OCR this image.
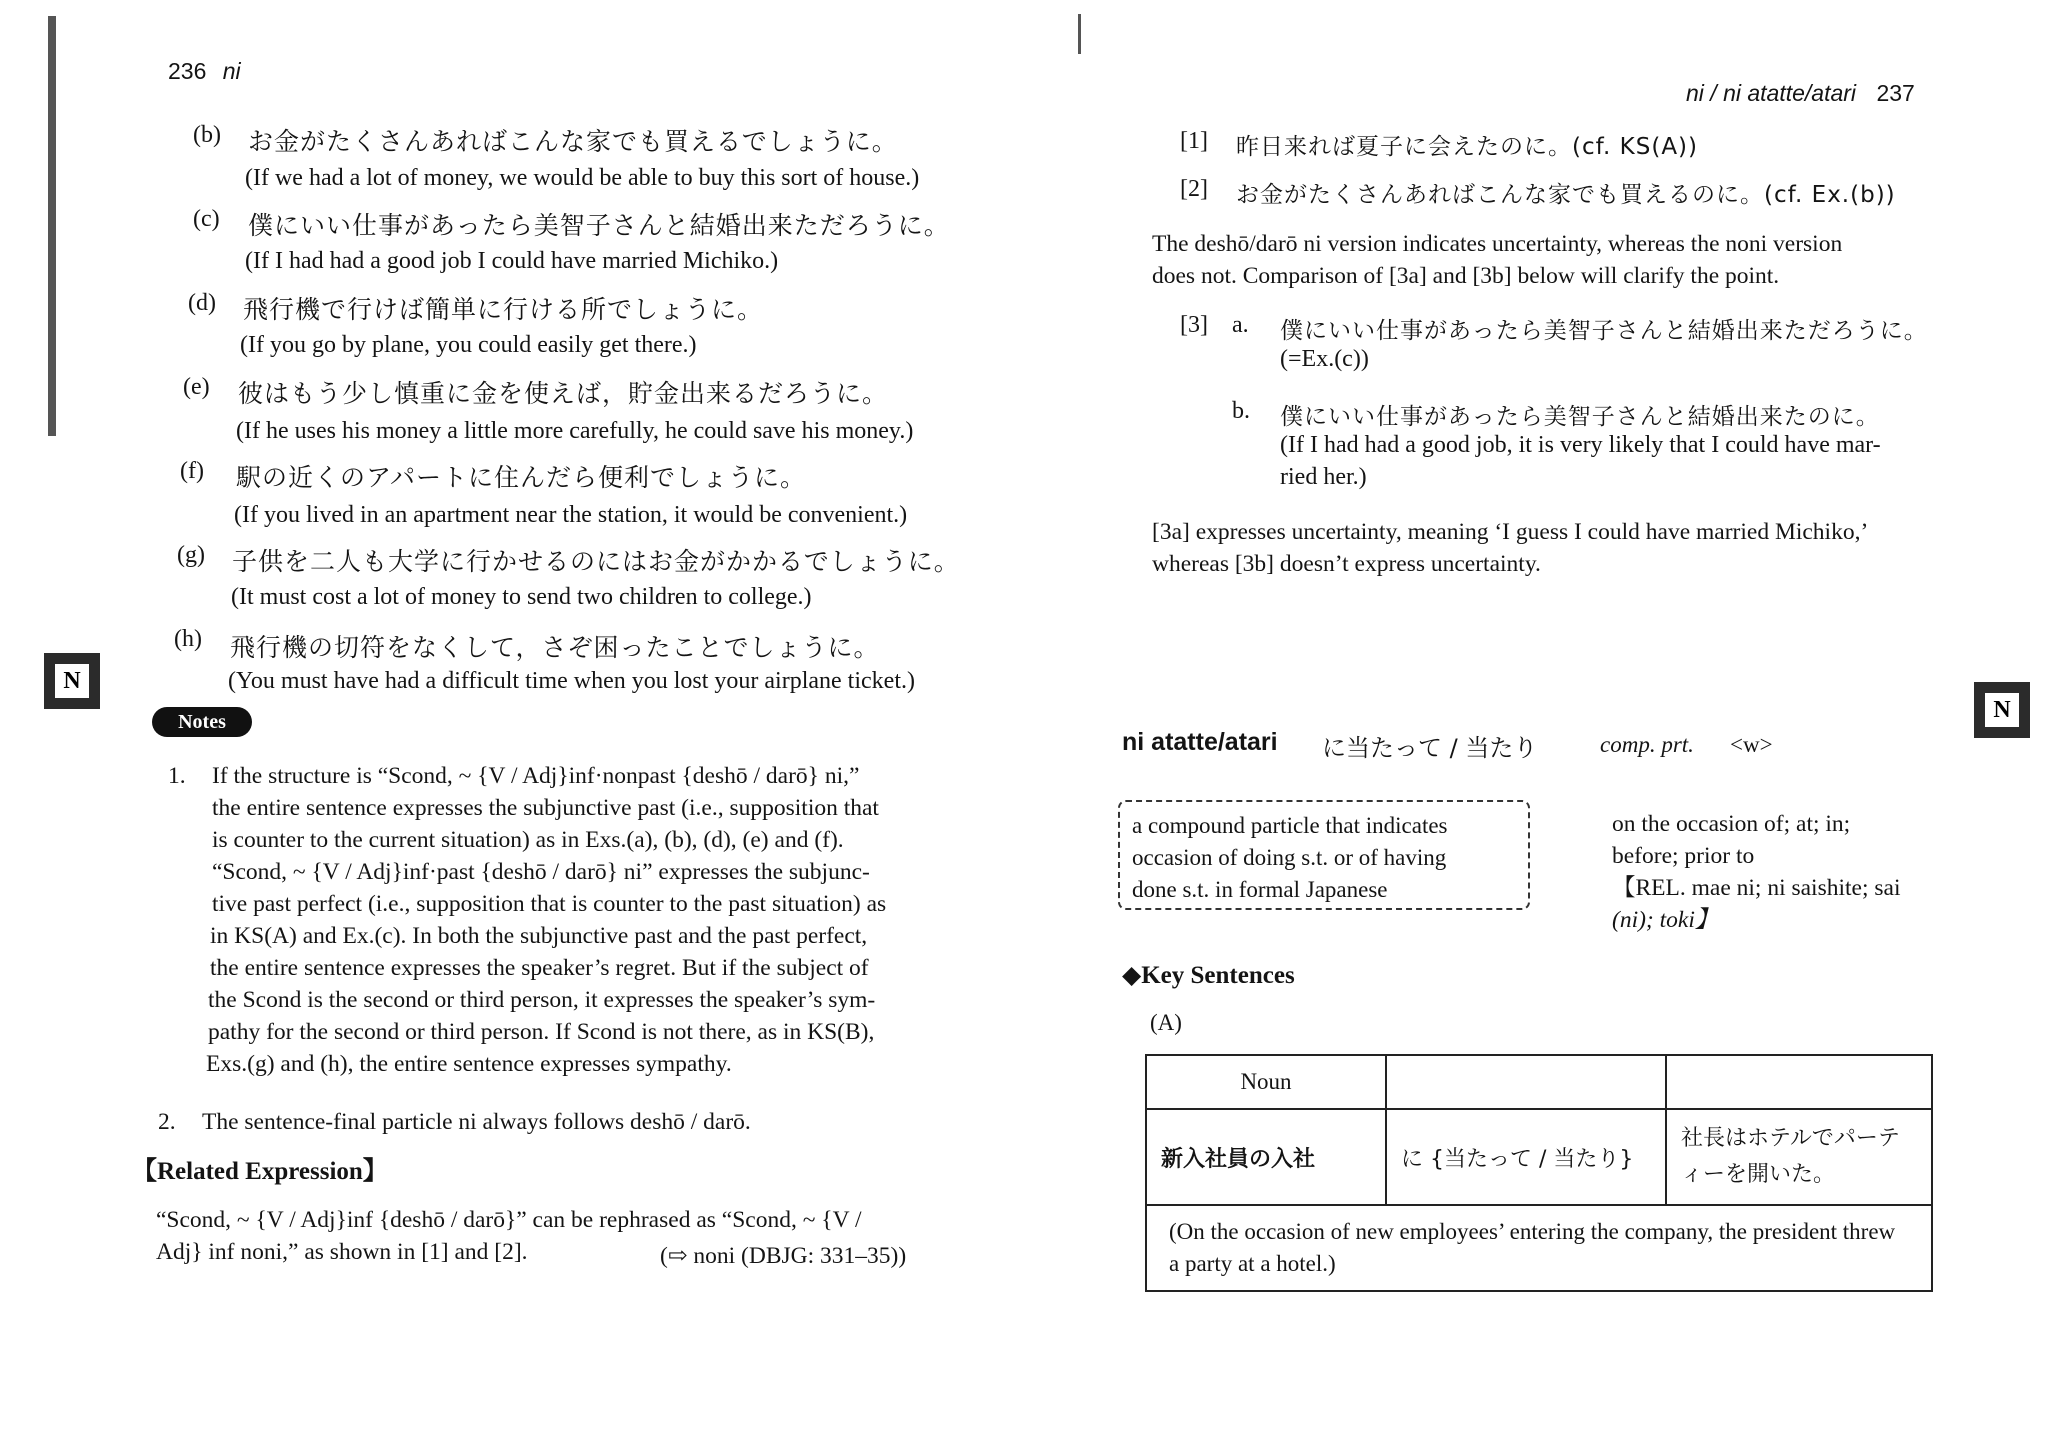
236 ni
(b) お金がたくさんあればこんな家でも買えるでしょうに。
(If we had a lot of money, we would be able to buy this sort of house.)
(c) 僕にいい仕事があったら美智子さんと結婚出来ただろうに。
(If I had had a good job I could have married Michiko.)
(d) 飛行機で行けば簡単に行ける所でしょうに。
(If you go by plane, you could easily get there.)
(e) 彼はもう少し慎重に金を使えば，貯金出来るだろうに。
(If he uses his money a little more carefully, he could save his money.)
(f) 駅の近くのアパートに住んだら便利でしょうに。
(If you lived in an apartment near the station, it would be convenient.)
(g) 子供を二人も大学に行かせるのにはお金がかかるでしょうに。
(It must cost a lot of money to send two children to college.)
(h) 飛行機の切符をなくして，さぞ困ったことでしょうに。
(You must have had a difficult time when you lost your airplane ticket.)
N
Notes
1. If the structure is “Scond, ~ {V / Adj}inf·nonpast {deshō / darō} ni,”
the entire sentence expresses the subjunctive past (i.e., supposition that
is counter to the current situation) as in Exs.(a), (b), (d), (e) and (f).
“Scond, ~ {V / Adj}inf·past {deshō / darō} ni” expresses the subjunc-
tive past perfect (i.e., supposition that is counter to the past situation) as
in KS(A) and Ex.(c). In both the subjunctive past and the past perfect,
the entire sentence expresses the speaker’s regret. But if the subject of
the Scond is the second or third person, it expresses the speaker’s sym-
pathy for the second or third person. If Scond is not there, as in KS(B),
Exs.(g) and (h), the entire sentence expresses sympathy.
2. The sentence-final particle ni always follows deshō / darō.
【Related Expression】
“Scond, ~ {V / Adj}inf {deshō / darō}” can be rephrased as “Scond, ~ {V /
Adj} inf noni,” as shown in [1] and [2].	(⇨ noni (DBJG: 331–35))
ni / ni atatte/atari 237
[1] 昨日来れば夏子に会えたのに。(cf. KS(A))
[2] お金がたくさんあればこんな家でも買えるのに。(cf. Ex.(b))
The deshō/darō ni version indicates uncertainty, whereas the noni version
does not. Comparison of [3a] and [3b] below will clarify the point.
[3] a. 僕にいい仕事があったら美智子さんと結婚出来ただろうに。
(=Ex.(c))
b. 僕にいい仕事があったら美智子さんと結婚出来たのに。
(If I had had a good job, it is very likely that I could have mar-
ried her.)
[3a] expresses uncertainty, meaning ‘I guess I could have married Michiko,’
whereas [3b] doesn’t express uncertainty.
N
ni atatte/atari に当たって / 当たり	comp. prt. <w>
a compound particle that indicates
occasion of doing s.t. or of having
done s.t. in formal Japanese
on the occasion of; at; in;
before; prior to
【REL. mae ni; ni saishite; sai
(ni); toki】
◆Key Sentences
(A)
Noun		
新入社員の入社	に {当たって / 当たり}	社長はホテルでパーティーを開いた。
(On the occasion of new employees’ entering the company, the president threw a party at a hotel.)		
